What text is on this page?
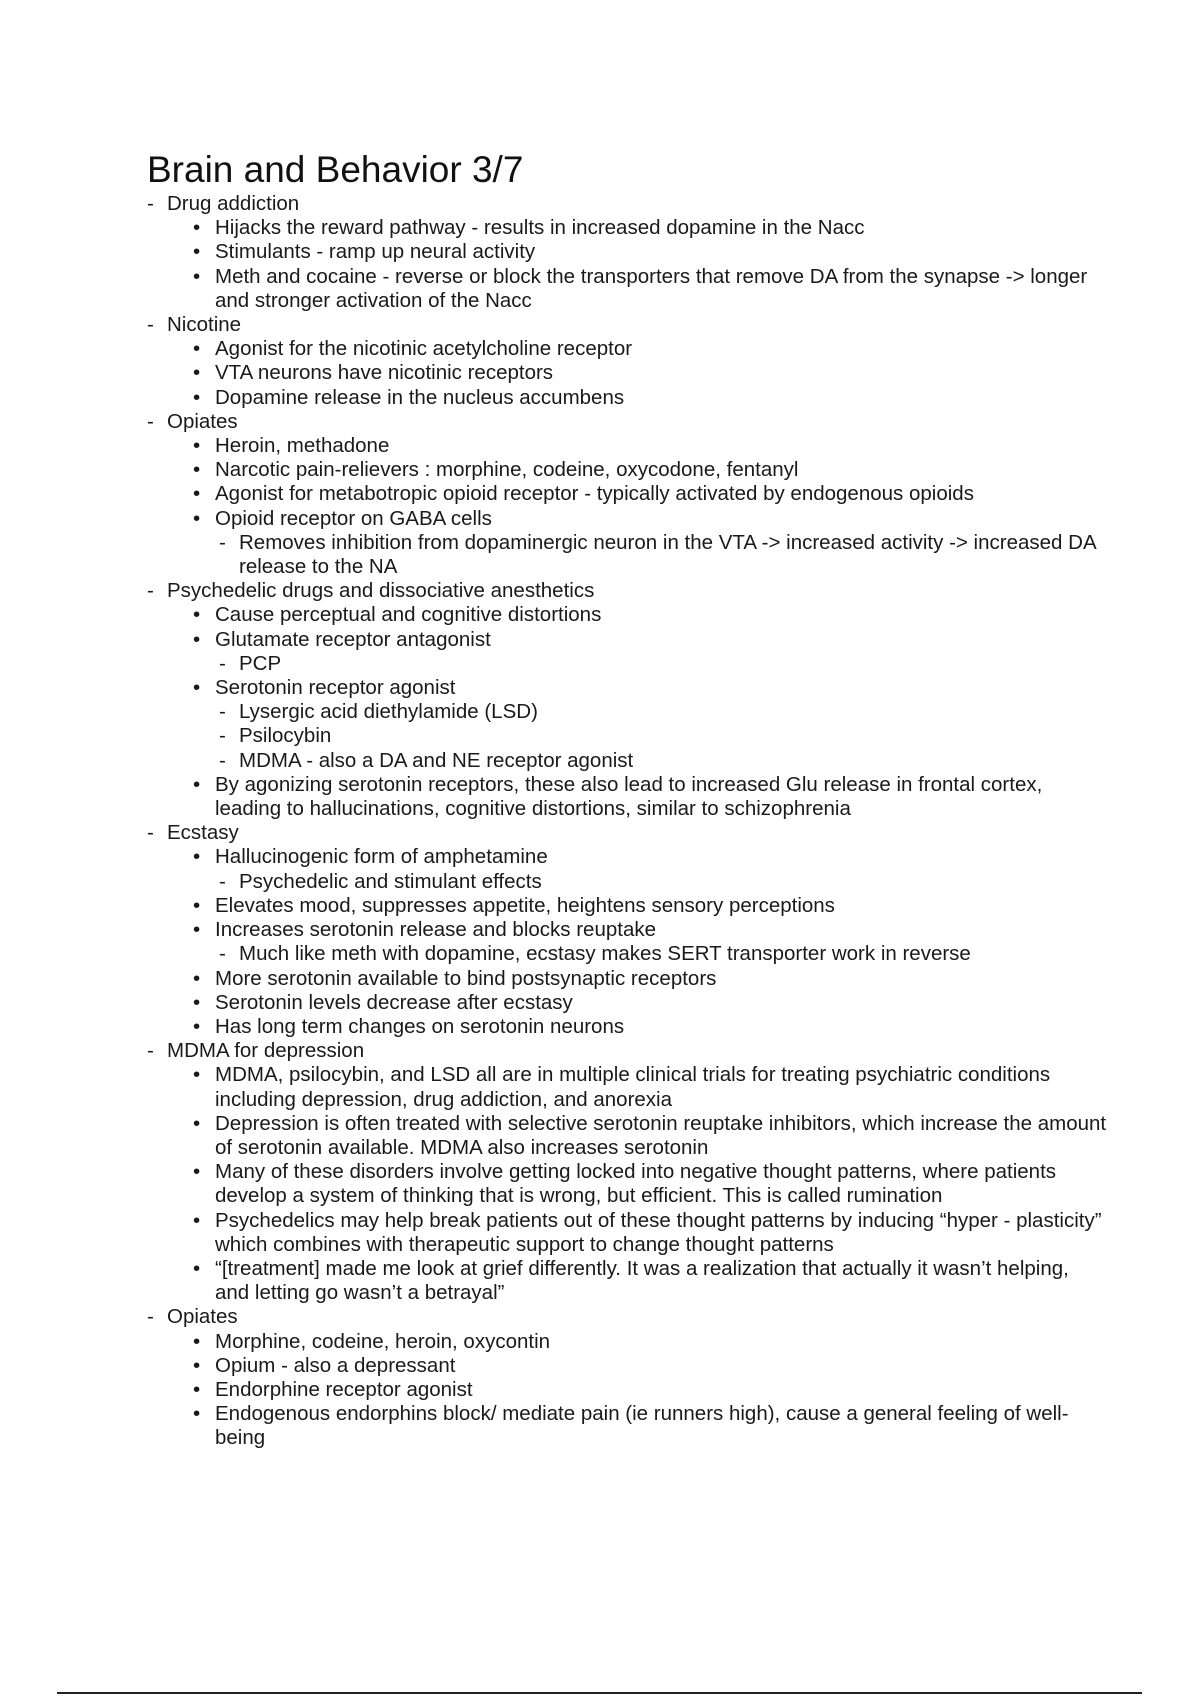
Brain and Behavior 3/7
- Drug addiction
• Hijacks the reward pathway - results in increased dopamine in the Nacc
• Stimulants - ramp up neural activity
• Meth and cocaine - reverse or block the transporters that remove DA from the synapse -> longer and stronger activation of the Nacc
- Nicotine
• Agonist for the nicotinic acetylcholine receptor
• VTA neurons have nicotinic receptors
• Dopamine release in the nucleus accumbens
- Opiates
• Heroin, methadone
• Narcotic pain-relievers : morphine, codeine, oxycodone, fentanyl
• Agonist for metabotropic opioid receptor - typically activated by endogenous opioids
• Opioid receptor on GABA cells
- Removes inhibition from dopaminergic neuron in the VTA -> increased activity -> increased DA release to the NA
- Psychedelic drugs and dissociative anesthetics
• Cause perceptual and cognitive distortions
• Glutamate receptor antagonist
- PCP
• Serotonin receptor agonist
- Lysergic acid diethylamide (LSD)
- Psilocybin
- MDMA - also a DA and NE receptor agonist
• By agonizing serotonin receptors, these also lead to increased Glu release in frontal cortex, leading to hallucinations, cognitive distortions, similar to schizophrenia
- Ecstasy
• Hallucinogenic form of amphetamine
- Psychedelic and stimulant effects
• Elevates mood, suppresses appetite, heightens sensory perceptions
• Increases serotonin release and blocks reuptake
- Much like meth with dopamine, ecstasy makes SERT transporter work in reverse
• More serotonin available to bind postsynaptic receptors
• Serotonin levels decrease after ecstasy
• Has long term changes on serotonin neurons
- MDMA for depression
• MDMA, psilocybin, and LSD all are in multiple clinical trials for treating psychiatric conditions including depression, drug addiction, and anorexia
• Depression is often treated with selective serotonin reuptake inhibitors, which increase the amount of serotonin available. MDMA also increases serotonin
• Many of these disorders involve getting locked into negative thought patterns, where patients develop a system of thinking that is wrong, but efficient. This is called rumination
• Psychedelics may help break patients out of these thought patterns by inducing “hyper - plasticity” which combines with therapeutic support to change thought patterns
• “[treatment] made me look at grief differently. It was a realization that actually it wasn’t helping, and letting go wasn’t a betrayal”
- Opiates
• Morphine, codeine, heroin, oxycontin
• Opium - also a depressant
• Endorphine receptor agonist
• Endogenous endorphins block/ mediate pain (ie runners high), cause a general feeling of well-being
